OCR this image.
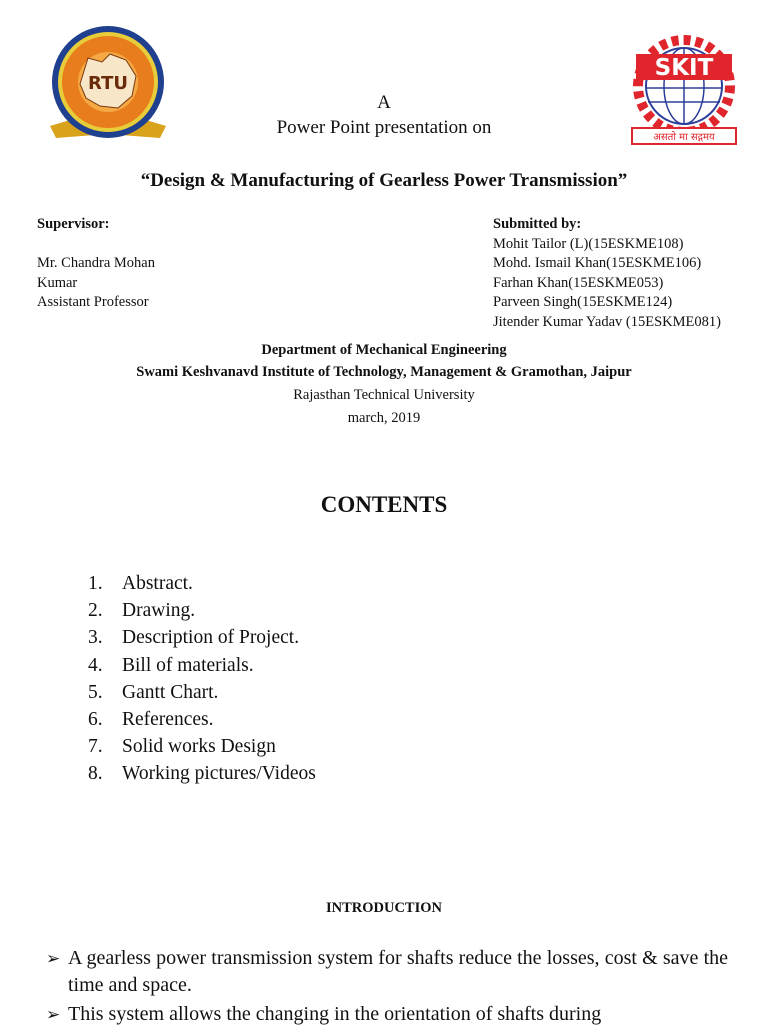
RTU
SKIT
असतो मा सद्गमय
A
Power Point presentation on
“Design & Manufacturing of Gearless Power Transmission”
Supervisor:
Mr. Chandra Mohan
Kumar
Assistant Professor
Submitted by:
Mohit Tailor (L)(15ESKME108)
Mohd. Ismail Khan(15ESKME106)
Farhan Khan(15ESKME053)
Parveen Singh(15ESKME124)
Jitender Kumar Yadav (15ESKME081)
Department of Mechanical Engineering
Swami Keshvanavd Institute of Technology, Management & Gramothan, Jaipur
Rajasthan Technical University
march, 2019
CONTENTS
1. Abstract.
2. Drawing.
3. Description of Project.
4. Bill of materials.
5. Gantt Chart.
6. References.
7. Solid works Design
8. Working pictures/Videos
INTRODUCTION
➢ A gearless power transmission system for shafts reduce the losses, cost & save the time and space.
➢ This system allows the changing in the orientation of shafts during
